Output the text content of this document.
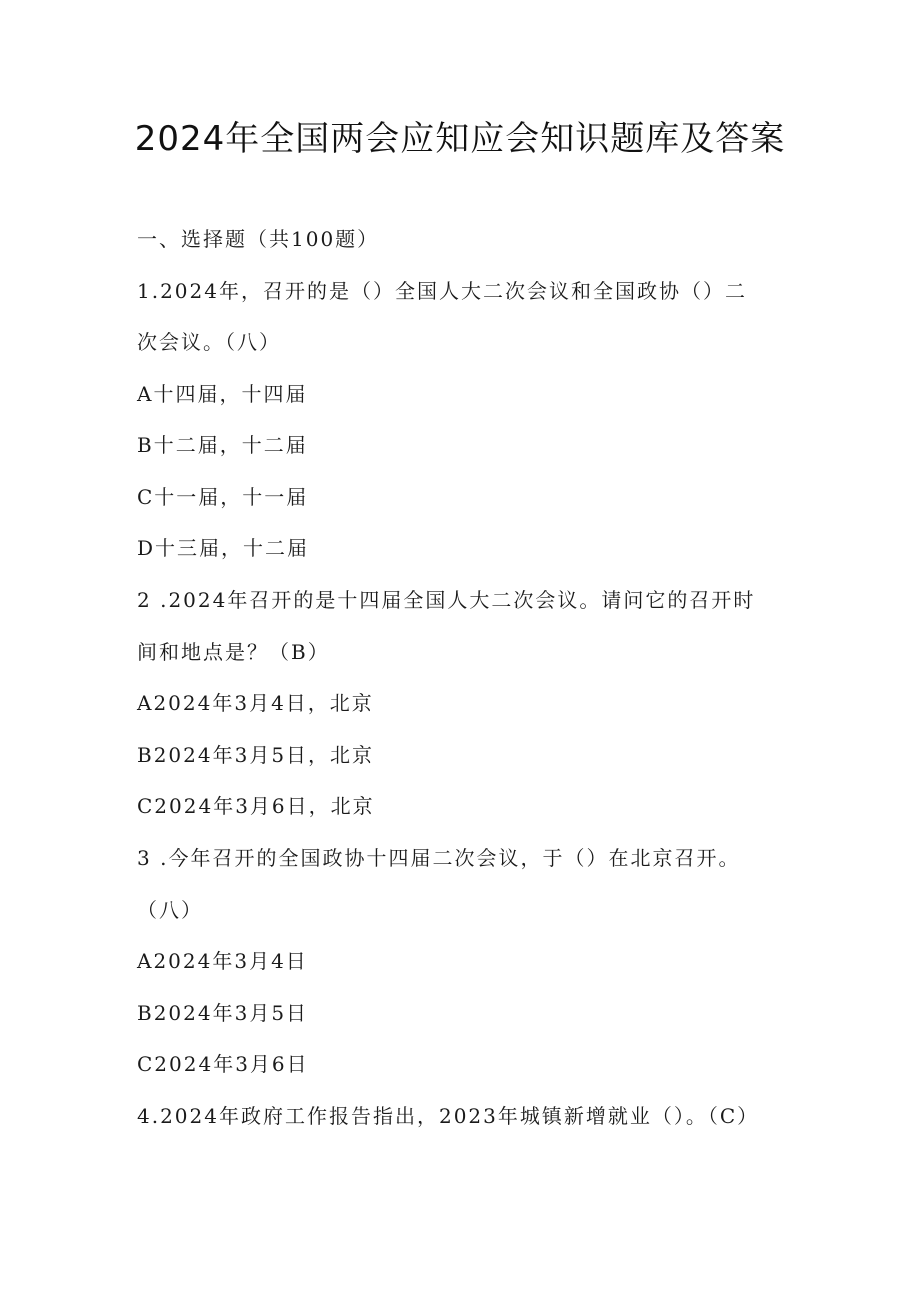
2024年全国两会应知应会知识题库及答案
一、选择题（共100题）
1.2024年，召开的是（）全国人大二次会议和全国政协（）二
次会议。（八）
A十四届，十四届
B十二届，十二届
C十一届，十一届
D十三届，十二届
2 .2024年召开的是十四届全国人大二次会议。请问它的召开时
间和地点是？（B）
A2024年3月4日，北京
B2024年3月5日，北京
C2024年3月6日，北京
3 .今年召开的全国政协十四届二次会议，于（）在北京召开。
（八）
A2024年3月4日
B2024年3月5日
C2024年3月6日
4.2024年政府工作报告指出，2023年城镇新增就业（）。（C）
